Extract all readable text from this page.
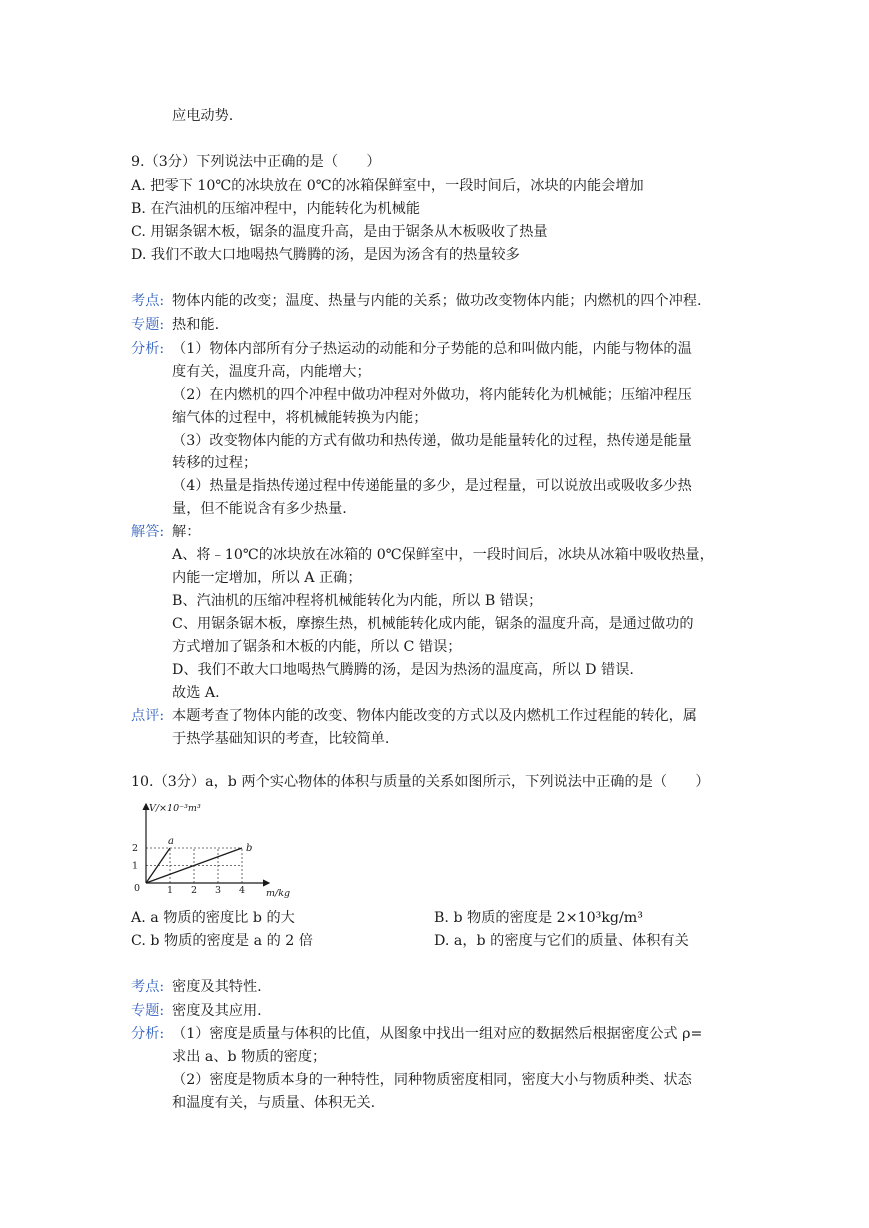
应电动势.
9.（3分）下列说法中正确的是（　　）
A. 把零下 10℃的冰块放在 0℃的冰箱保鲜室中，一段时间后，冰块的内能会增加
B. 在汽油机的压缩冲程中，内能转化为机械能
C. 用锯条锯木板，锯条的温度升高，是由于锯条从木板吸收了热量
D. 我们不敢大口地喝热气腾腾的汤，是因为汤含有的热量较多
考点: 物体内能的改变；温度、热量与内能的关系；做功改变物体内能；内燃机的四个冲程.
专题: 热和能.
分析: （1）物体内部所有分子热运动的动能和分子势能的总和叫做内能，内能与物体的温
度有关，温度升高，内能增大；
（2）在内燃机的四个冲程中做功冲程对外做功，将内能转化为机械能；压缩冲程压
缩气体的过程中，将机械能转换为内能；
（3）改变物体内能的方式有做功和热传递，做功是能量转化的过程，热传递是能量
转移的过程；
（4）热量是指热传递过程中传递能量的多少，是过程量，可以说放出或吸收多少热
量，但不能说含有多少热量.
解答: 解：
A、将﹣10℃的冰块放在冰箱的 0℃保鲜室中，一段时间后，冰块从冰箱中吸收热量，
内能一定增加，所以 A 正确；
B、汽油机的压缩冲程将机械能转化为内能，所以 B 错误；
C、用锯条锯木板，摩擦生热，机械能转化成内能，锯条的温度升高，是通过做功的
方式增加了锯条和木板的内能，所以 C 错误；
D、我们不敢大口地喝热气腾腾的汤，是因为热汤的温度高，所以 D 错误.
故选 A.
点评: 本题考查了物体内能的改变、物体内能改变的方式以及内燃机工作过程能的转化，属
于热学基础知识的考查，比较简单.
10.（3分）a，b 两个实心物体的体积与质量的关系如图所示，下列说法中正确的是（　　）
V/×10⁻³m³
m/kg
0	1 2 3 4
1
2
a
b
A. a 物质的密度比 b 的大	B. b 物质的密度是 2×10³kg/m³
C. b 物质的密度是 a 的 2 倍	D. a，b 的密度与它们的质量、体积有关
考点: 密度及其特性.
专题: 密度及其应用.
分析: （1）密度是质量与体积的比值，从图象中找出一组对应的数据然后根据密度公式 ρ=
求出 a、b 物质的密度；
（2）密度是物质本身的一种特性，同种物质密度相同，密度大小与物质种类、状态
和温度有关，与质量、体积无关.
